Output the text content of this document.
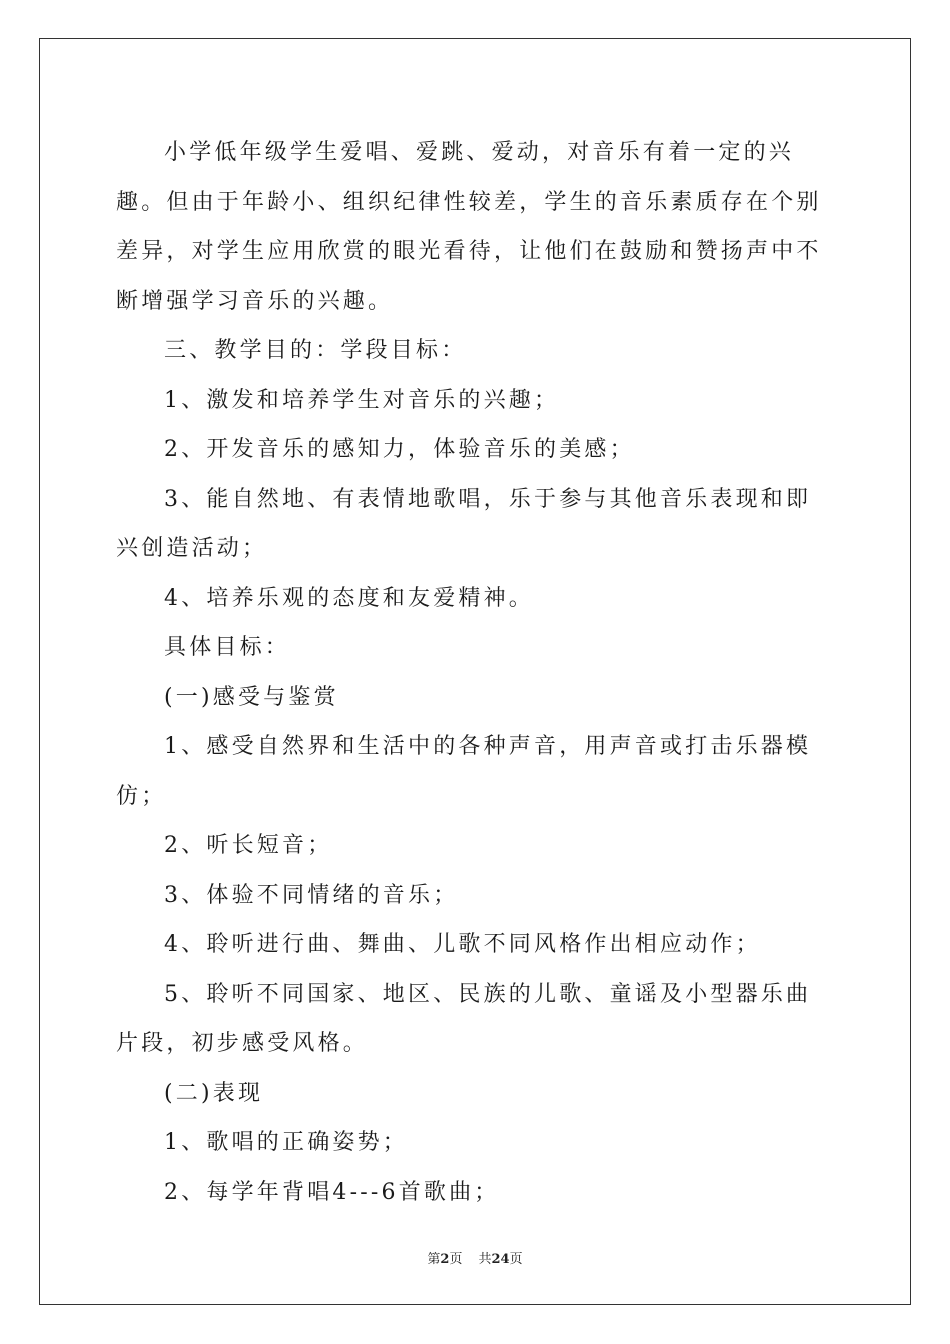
小学低年级学生爱唱、爱跳、爱动，对音乐有着一定的兴趣。但由于年龄小、组织纪律性较差，学生的音乐素质存在个别差异，对学生应用欣赏的眼光看待，让他们在鼓励和赞扬声中不断增强学习音乐的兴趣。

三、教学目的：学段目标：

1、激发和培养学生对音乐的兴趣；

2、开发音乐的感知力，体验音乐的美感；

3、能自然地、有表情地歌唱，乐于参与其他音乐表现和即兴创造活动；

4、培养乐观的态度和友爱精神。

具体目标：

(一)感受与鉴赏

1、感受自然界和生活中的各种声音，用声音或打击乐器模仿；

2、听长短音；

3、体验不同情绪的音乐；

4、聆听进行曲、舞曲、儿歌不同风格作出相应动作；

5、聆听不同国家、地区、民族的儿歌、童谣及小型器乐曲片段，初步感受风格。

(二)表现

1、歌唱的正确姿势；

2、每学年背唱4---6首歌曲；

第2页 共24页
